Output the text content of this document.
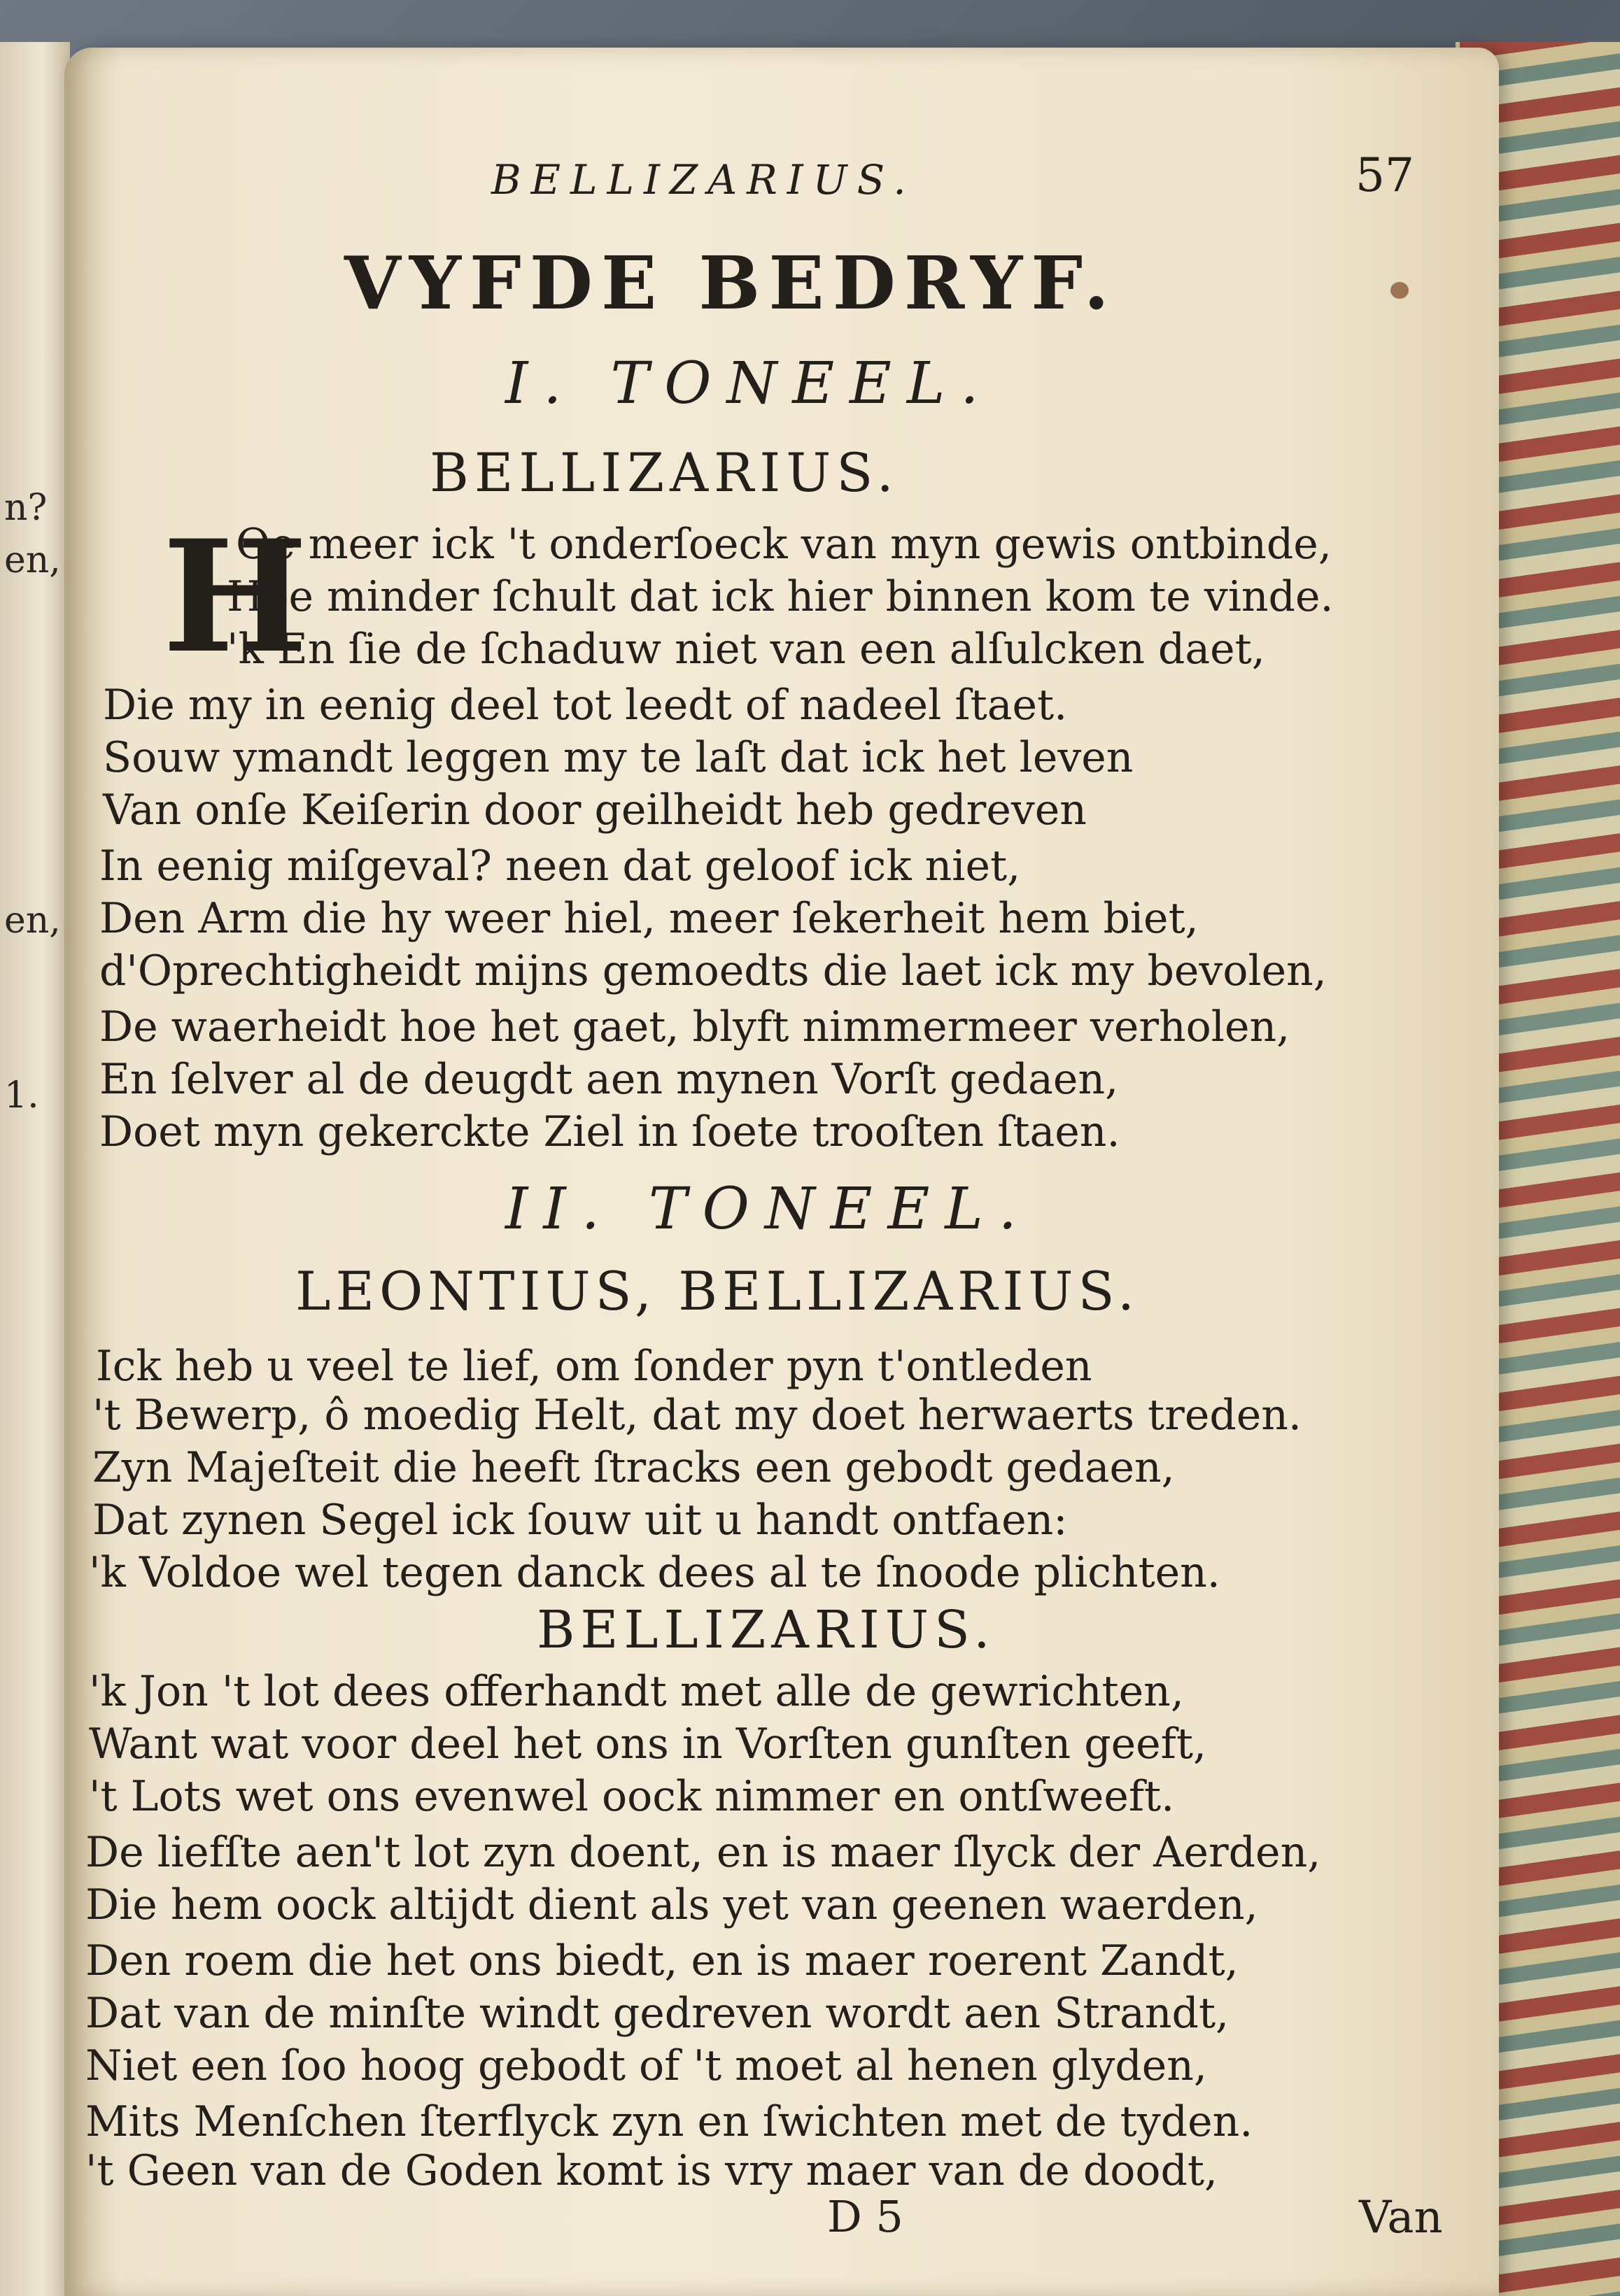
n?
en,
en,
1.
BELLIZARIUS.	57
VYFDE BEDRYF.
I. TONEEL.
BELLIZARIUS.
H
Oe meer ick 't onderſoeck van myn gewis ontbinde,
Hoe minder ſchult dat ick hier binnen kom te vinde.
'k En ſie de ſchaduw niet van een alſulcken daet,
Die my in eenig deel tot leedt of nadeel ſtaet.
Souw ymandt leggen my te laſt dat ick het leven
Van onſe Keiſerin door geilheidt heb gedreven
In eenig miſgeval? neen dat geloof ick niet,
Den Arm die hy weer hiel, meer ſekerheit hem biet,
d'Oprechtigheidt mijns gemoedts die laet ick my bevolen,
De waerheidt hoe het gaet, blyft nimmermeer verholen,
En ſelver al de deugdt aen mynen Vorſt gedaen,
Doet myn gekerckte Ziel in ſoete trooſten ſtaen.
II. TONEEL.
LEONTIUS, BELLIZARIUS.
Ick heb u veel te lief, om ſonder pyn t'ontleden
't Bewerp, ô moedig Helt, dat my doet herwaerts treden.
Zyn Majeſteit die heeft ſtracks een gebodt gedaen,
Dat zynen Segel ick ſouw uit u handt ontfaen:
'k Voldoe wel tegen danck dees al te ſnoode plichten.
BELLIZARIUS.
'k Jon 't lot dees offerhandt met alle de gewrichten,
Want wat voor deel het ons in Vorſten gunſten geeft,
't Lots wet ons evenwel oock nimmer en ontſweeft.
De liefſte aen't lot zyn doent, en is maer ſlyck der Aerden,
Die hem oock altijdt dient als yet van geenen waerden,
Den roem die het ons biedt, en is maer roerent Zandt,
Dat van de minſte windt gedreven wordt aen Strandt,
Niet een ſoo hoog gebodt of 't moet al henen glyden,
Mits Menſchen ſterflyck zyn en ſwichten met de tyden.
't Geen van de Goden komt is vry maer van de doodt,
D 5	Van
